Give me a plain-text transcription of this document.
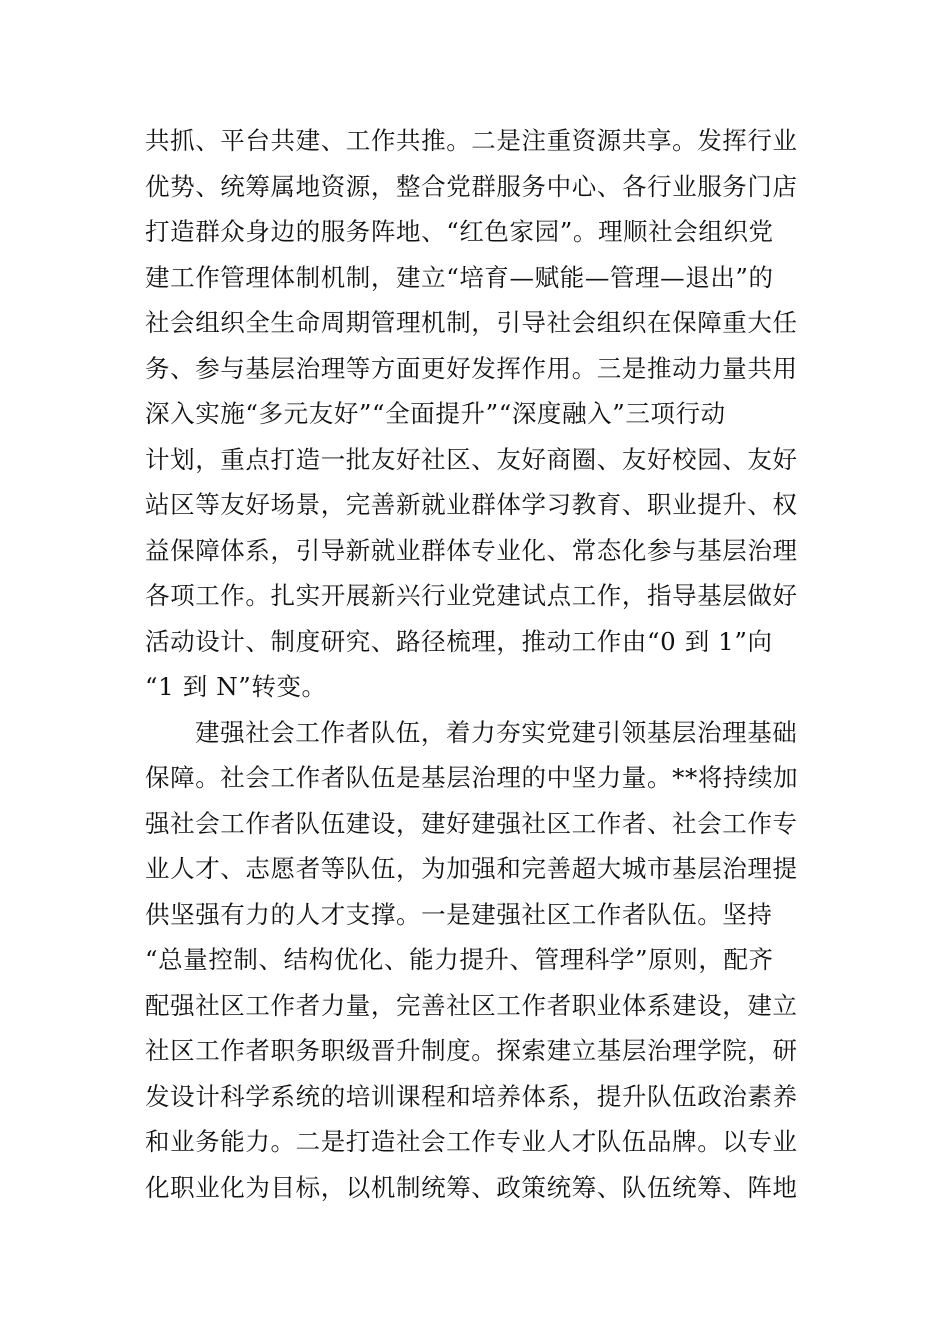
共抓、平台共建、工作共推。二是注重资源共享。发挥行业
优势、统筹属地资源，整合党群服务中心、各行业服务门店
打造群众身边的服务阵地、“红色家园”。理顺社会组织党
建工作管理体制机制，建立“培育—赋能—管理—退出”的
社会组织全生命周期管理机制，引导社会组织在保障重大任
务、参与基层治理等方面更好发挥作用。三是推动力量共用
深入实施“多元友好”“全面提升”“深度融入”三项行动
计划，重点打造一批友好社区、友好商圈、友好校园、友好
站区等友好场景，完善新就业群体学习教育、职业提升、权
益保障体系，引导新就业群体专业化、常态化参与基层治理
各项工作。扎实开展新兴行业党建试点工作，指导基层做好
活动设计、制度研究、路径梳理，推动工作由“0 到 1”向
“1 到 N”转变。
建强社会工作者队伍，着力夯实党建引领基层治理基础
保障。社会工作者队伍是基层治理的中坚力量。**将持续加
强社会工作者队伍建设，建好建强社区工作者、社会工作专
业人才、志愿者等队伍，为加强和完善超大城市基层治理提
供坚强有力的人才支撑。一是建强社区工作者队伍。坚持
“总量控制、结构优化、能力提升、管理科学”原则，配齐
配强社区工作者力量，完善社区工作者职业体系建设，建立
社区工作者职务职级晋升制度。探索建立基层治理学院，研
发设计科学系统的培训课程和培养体系，提升队伍政治素养
和业务能力。二是打造社会工作专业人才队伍品牌。以专业
化职业化为目标，以机制统筹、政策统筹、队伍统筹、阵地
